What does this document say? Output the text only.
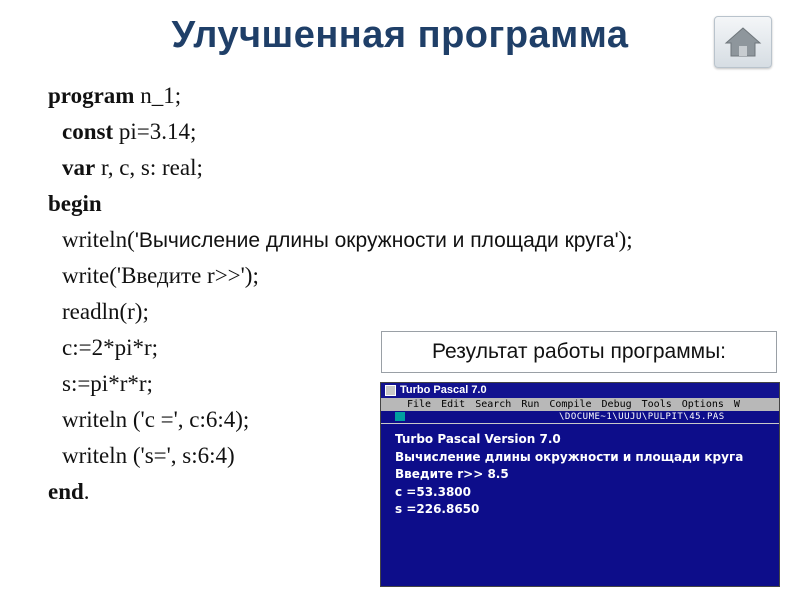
Улучшенная программа
program n_1;
const pi=3.14;
var r, c, s: real;
begin
writeln('Вычисление длины окружности и площади круга');
write('Введите r>>');
readln(r);
c:=2*pi*r;
s:=pi*r*r;
writeln ('c =', c:6:4);
writeln ('s=', s:6:4)
end.
Результат работы программы:
Turbo Pascal 7.0
File Edit Search Run Compile Debug Tools Options W
\DOCUME~1\UUJU\PULPIT\45.PAS
Turbo Pascal Version 7.0
Вычисление длины окружности и площади круга
Введите r>> 8.5
c =53.3800
s =226.8650
